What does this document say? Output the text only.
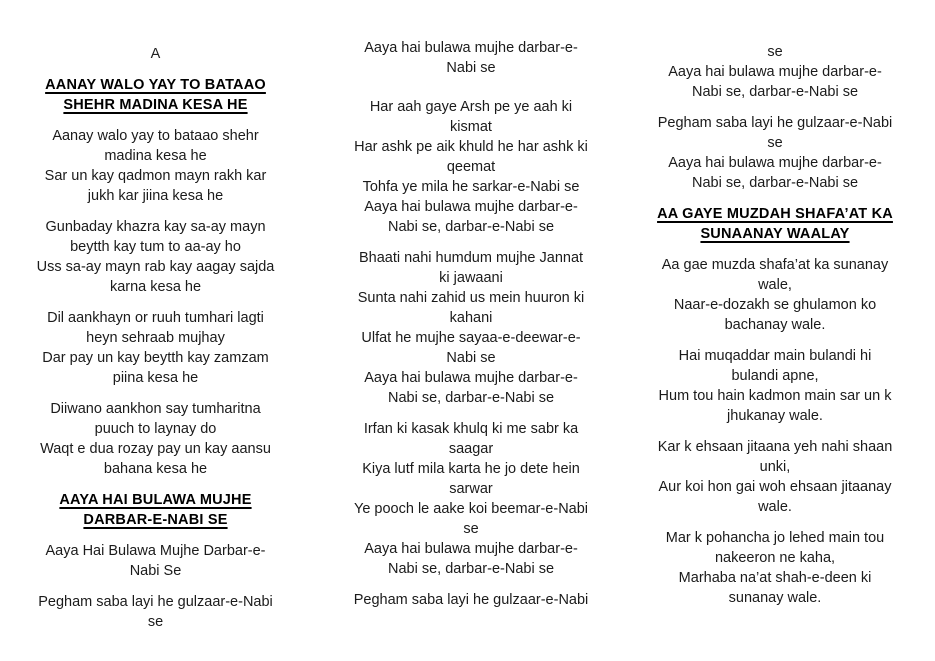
A
AANAY WALO YAY TO BATAAO
SHEHR MADINA KESA HE
Aanay walo yay to bataao shehr
madina kesa he
Sar un kay qadmon mayn rakh kar
jukh kar jiina kesa he
Gunbaday khazra kay sa-ay mayn
beytth kay tum to aa-ay ho
Uss sa-ay mayn rab kay aagay sajda
karna kesa he
Dil aankhayn or ruuh tumhari lagti
heyn sehraab mujhay
Dar pay un kay beytth kay zamzam
piina kesa he
Diiwano aankhon say tumharitna
puuch to laynay do
Waqt e dua rozay pay un kay aansu
bahana kesa he
AAYA HAI BULAWA MUJHE
DARBAR-E-NABI SE
Aaya Hai Bulawa Mujhe Darbar-e-
Nabi Se
Pegham saba layi he gulzaar-e-Nabi
se
Aaya hai bulawa mujhe darbar-e-
Nabi se
Har aah gaye Arsh pe ye aah ki
kismat
Har ashk pe aik khuld he har ashk ki
qeemat
Tohfa ye mila he sarkar-e-Nabi se
Aaya hai bulawa mujhe darbar-e-
Nabi se, darbar-e-Nabi se
Bhaati nahi humdum mujhe Jannat
ki jawaani
Sunta nahi zahid us mein huuron ki
kahani
Ulfat he mujhe sayaa-e-deewar-e-
Nabi se
Aaya hai bulawa mujhe darbar-e-
Nabi se, darbar-e-Nabi se
Irfan ki kasak khulq ki me sabr ka
saagar
Kiya lutf mila karta he jo dete hein
sarwar
Ye pooch le aake koi beemar-e-Nabi
se
Aaya hai bulawa mujhe darbar-e-
Nabi se, darbar-e-Nabi se
Pegham saba layi he gulzaar-e-Nabi
se
Aaya hai bulawa mujhe darbar-e-
Nabi se, darbar-e-Nabi se
Pegham saba layi he gulzaar-e-Nabi
se
Aaya hai bulawa mujhe darbar-e-
Nabi se, darbar-e-Nabi se
AA GAYE MUZDAH SHAFA’AT KA
SUNAANAY WAALAY
Aa gae muzda shafa’at ka sunanay
wale,
Naar-e-dozakh se ghulamon ko
bachanay wale.
Hai muqaddar main bulandi hi
bulandi apne,
Hum tou hain kadmon main sar un k
jhukanay wale.
Kar k ehsaan jitaana yeh nahi shaan
unki,
Aur koi hon gai woh ehsaan jitaanay
wale.
Mar k pohancha jo lehed main tou
nakeeron ne kaha,
Marhaba na’at shah-e-deen ki
sunanay wale.
